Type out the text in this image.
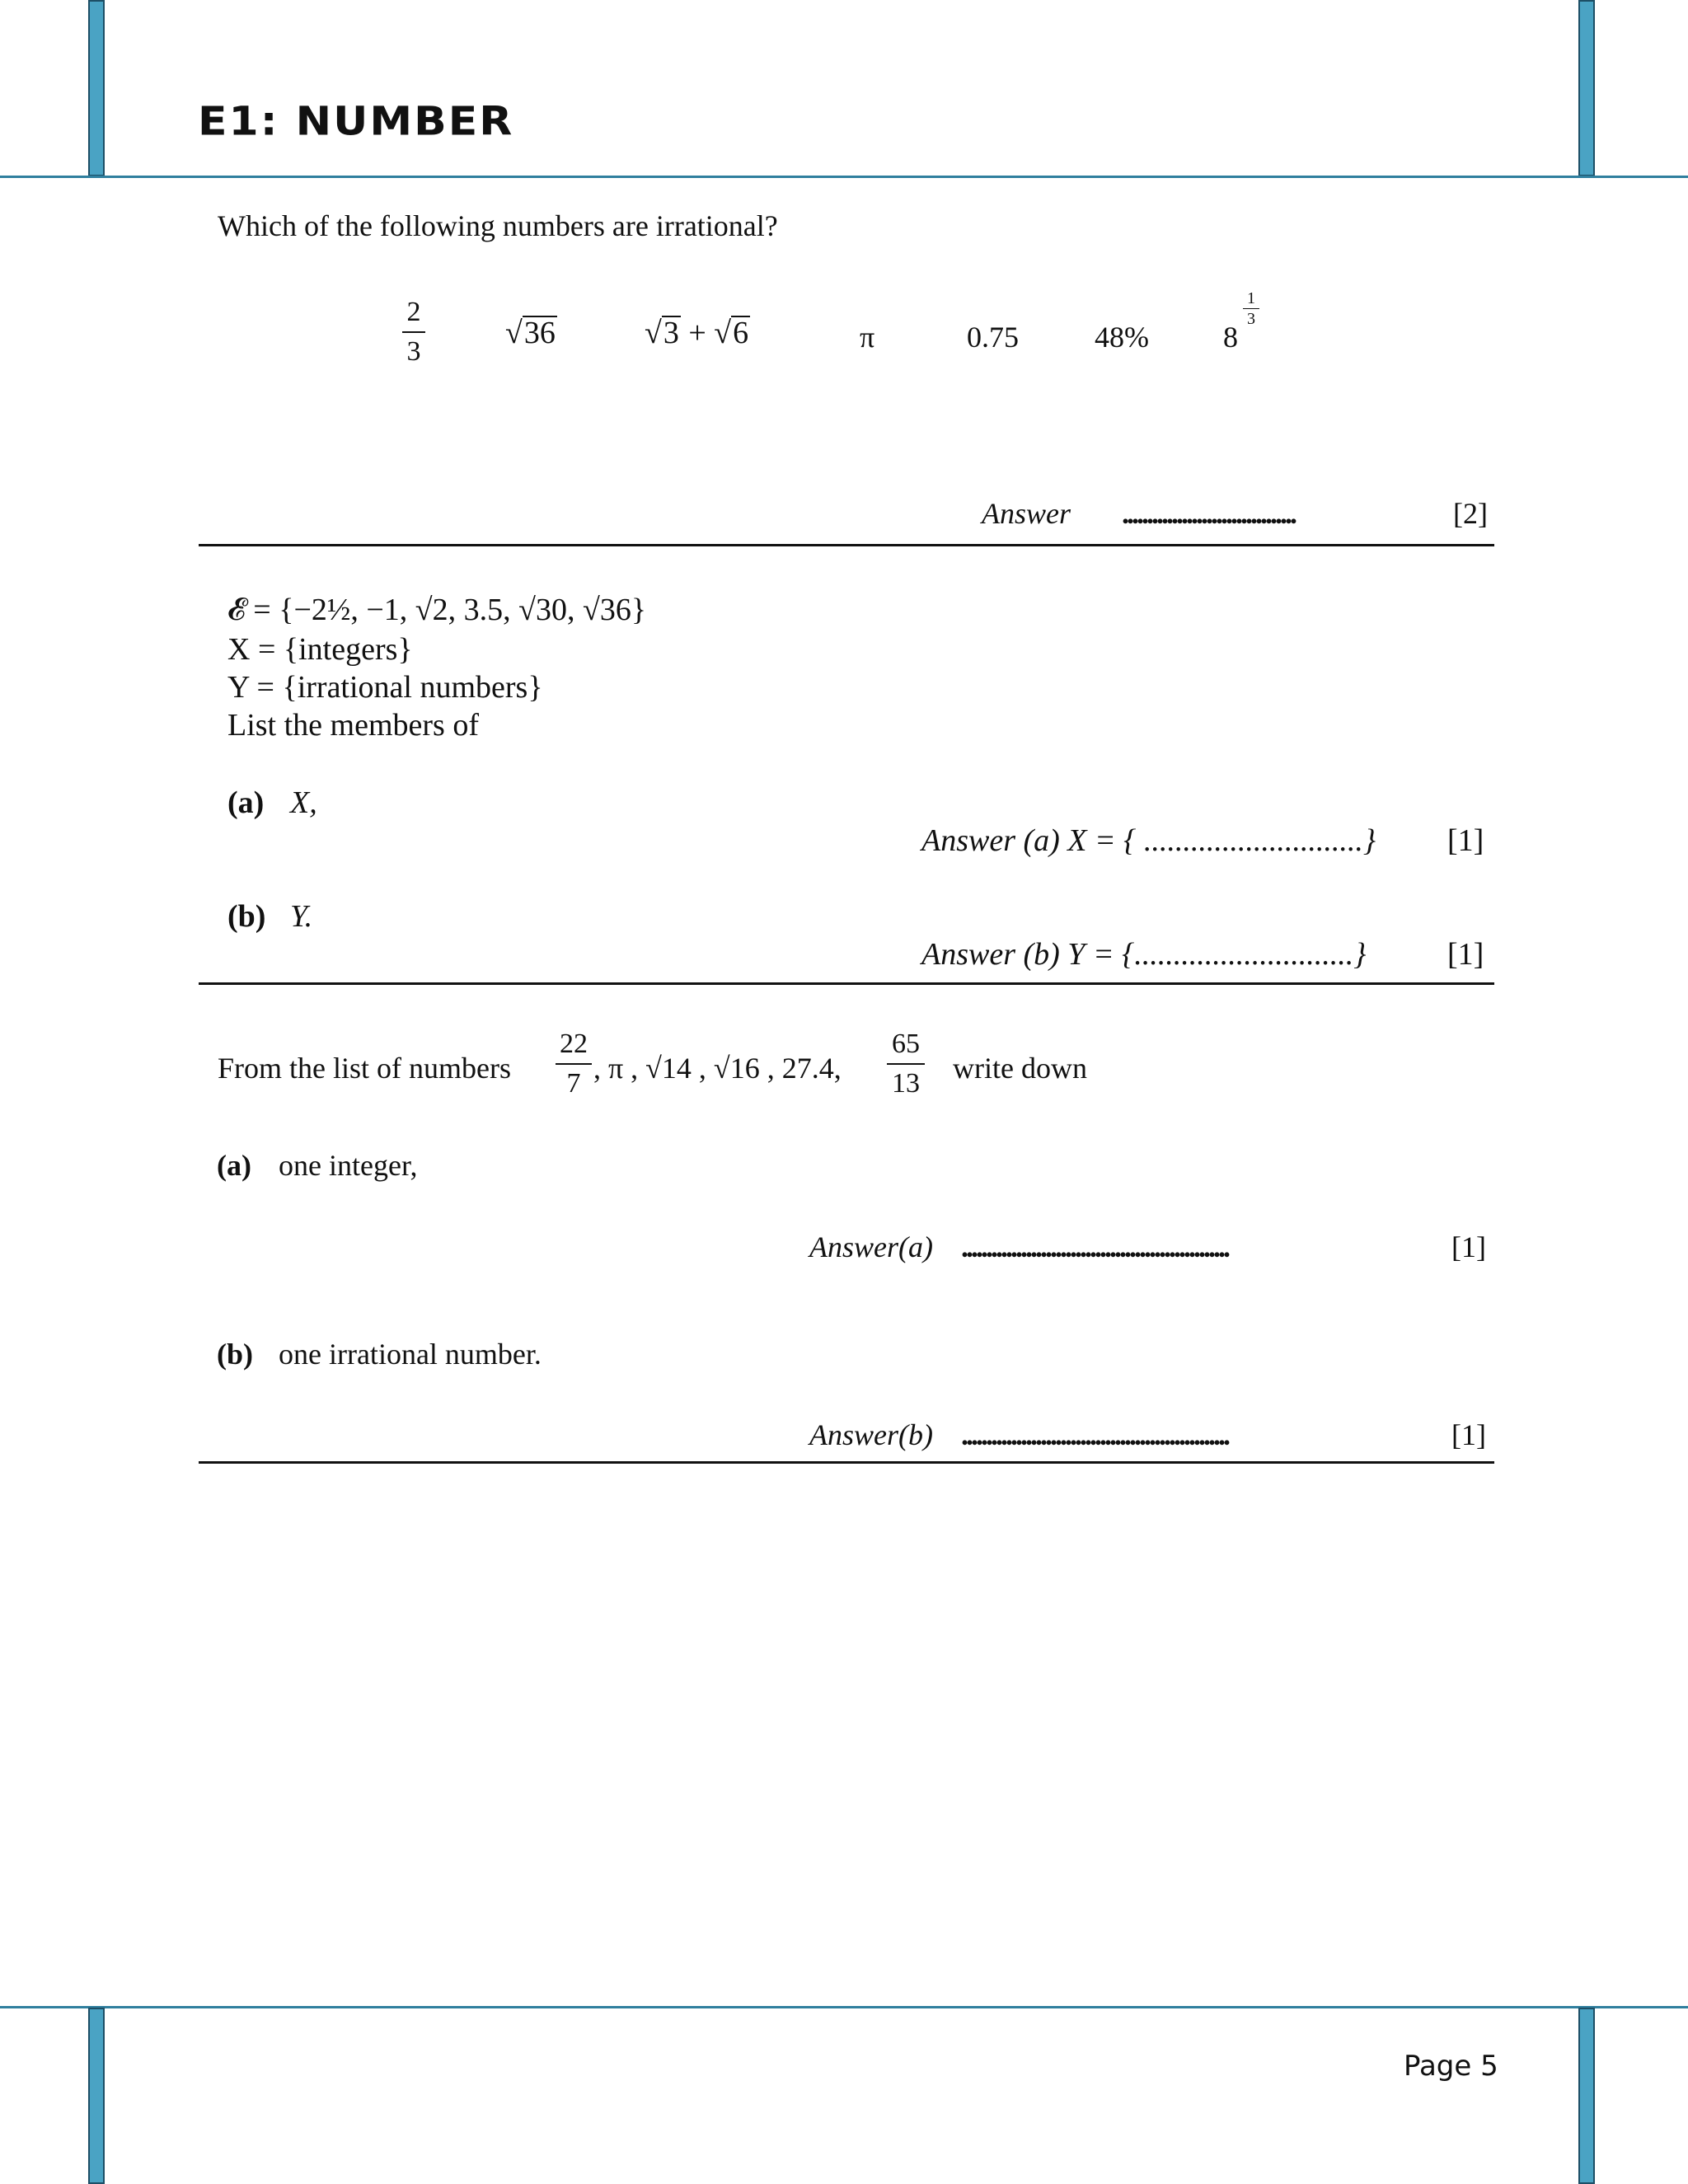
E1: NUMBER
Which of the following numbers are irrational?
2
3
√36	√3 + √6	π	0.75	48%	8
1
3
Answer ...................................	[2]
𝓔 = {−2½, −1, √2, 3.5, √30, √36}
X = {integers}
Y = {irrational numbers}
List the members of
(a) X,
Answer (a) X = { ............................} [1]
(b) Y.
Answer (b) Y = {............................}	[1]
From the list of numbers
22
7 , π , √14 , √16 , 27.4,
65
13 write down
(a) one integer,
Answer(a) ......................................................	[1]
(b) one irrational number.
Answer(b) ......................................................	[1]
Page 5
